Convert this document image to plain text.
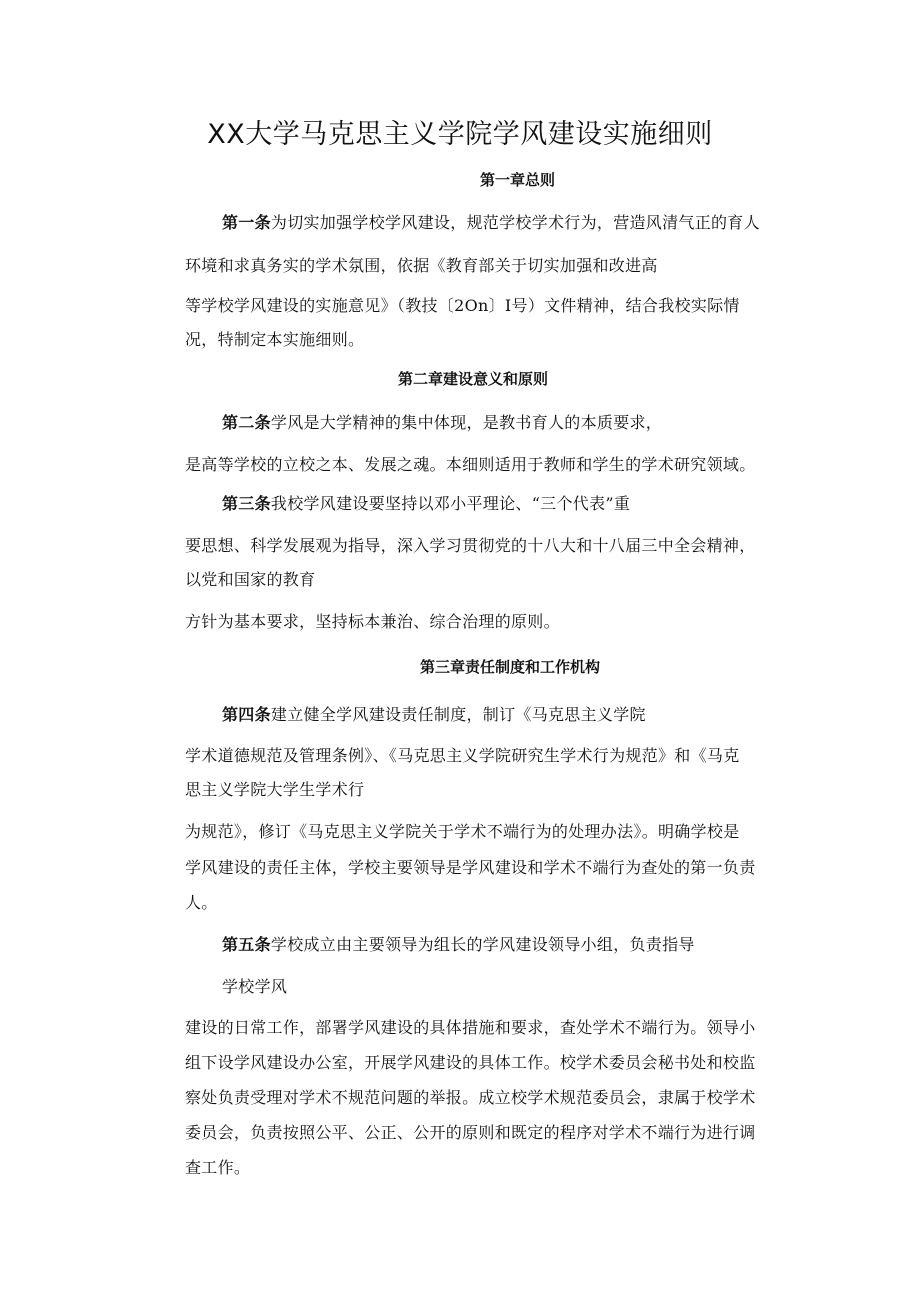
XX大学马克思主义学院学风建设实施细则
第一章总则
第一条为切实加强学校学风建设，规范学校学术行为，营造风清气正的育人
环境和求真务实的学术氛围，依据《教育部关于切实加强和改进高
等学校学风建设的实施意见》（教技〔2On〕I号）文件精神，结合我校实际情
况，特制定本实施细则。
第二章建设意义和原则
第二条学风是大学精神的集中体现，是教书育人的本质要求，
是高等学校的立校之本、发展之魂。本细则适用于教师和学生的学术研究领域。
第三条我校学风建设要坚持以邓小平理论、“三个代表”重
要思想、科学发展观为指导，深入学习贯彻党的十八大和十八届三中全会精神，
以党和国家的教育
方针为基本要求，坚持标本兼治、综合治理的原则。
第三章责任制度和工作机构
第四条建立健全学风建设责任制度，制订《马克思主义学院
学术道德规范及管理条例》、《马克思主义学院研究生学术行为规范》和《马克
思主义学院大学生学术行
为规范》，修订《马克思主义学院关于学术不端行为的处理办法》。明确学校是
学风建设的责任主体，学校主要领导是学风建设和学术不端行为查处的第一负责
人。
第五条学校成立由主要领导为组长的学风建设领导小组，负责指导
学校学风
建设的日常工作，部署学风建设的具体措施和要求，查处学术不端行为。领导小
组下设学风建设办公室，开展学风建设的具体工作。校学术委员会秘书处和校监
察处负责受理对学术不规范问题的举报。成立校学术规范委员会，隶属于校学术
委员会，负责按照公平、公正、公开的原则和既定的程序对学术不端行为进行调
查工作。
